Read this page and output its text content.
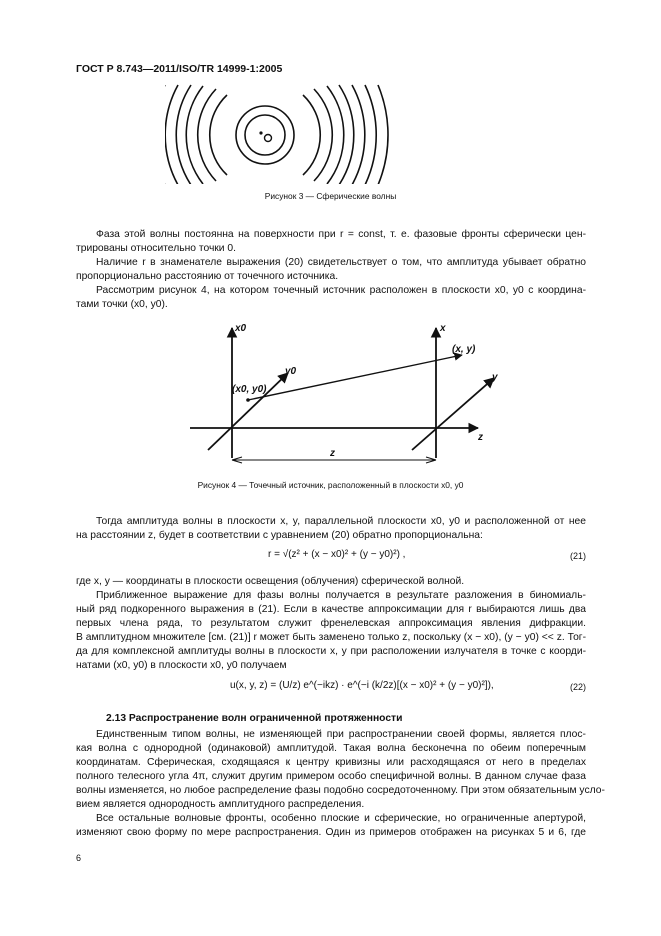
ГОСТ Р 8.743—2011/ISO/TR 14999-1:2005
Рисунок 3 — Сферические волны
Фаза этой волны постоянна на поверхности при r = const, т. е. фазовые фронты сферически цен-
трированы относительно точки 0.
Наличие r в знаменателе выражения (20) свидетельствует о том, что амплитуда убывает обратно
пропорционально расстоянию от точечного источника.
Рассмотрим рисунок 4, на котором точечный источник расположен в плоскости x0, y0 с координа-
тами точки (x0, y0).
x0	x
y0
y
z
z
(x0, y0)
(x, y)
Рисунок 4 — Точечный источник, расположенный в плоскости x0, y0
Тогда амплитуда волны в плоскости x, y, параллельной плоскости x0, y0 и расположенной от нее
на расстоянии z, будет в соответствии с уравнением (20) обратно пропорциональна:
r = √(z² + (x − x0)² + (y − y0)²) ,	(21)
где x, y — координаты в плоскости освещения (облучения) сферической волной.
Приближенное выражение для фазы волны получается в результате разложения в биномиаль-
ный ряд подкоренного выражения в (21). Если в качестве аппроксимации для r выбираются лишь два
первых члена ряда, то результатом служит френелевская аппроксимация явления дифракции.
В амплитудном множителе [см. (21)] r может быть заменено только z, поскольку (x − x0), (y − y0) << z. Тог-
да для комплексной амплитуды волны в плоскости x, y при расположении излучателя в точке с коорди-
натами (x0, y0) в плоскости x0, y0 получаем
u(x, y, z) = (U/z) e^(−ikz) · e^(−i (k/2z)[(x − x0)² + (y − y0)²]),	(22)
2.13 Распространение волн ограниченной протяженности
Единственным типом волны, не изменяющей при распространении своей формы, является плос-
кая волна с однородной (одинаковой) амплитудой. Такая волна бесконечна по обеим поперечным
координатам. Сферическая, сходящаяся к центру кривизны или расходящаяся от него в пределах
полного телесного угла 4π, служит другим примером особо специфичной волны. В данном случае фаза
волны изменяется, но любое распределение фазы подобно сосредоточенному. При этом обязательным усло-
вием является однородность амплитудного распределения.
Все остальные волновые фронты, особенно плоские и сферические, но ограниченные апертурой,
изменяют свою форму по мере распространения. Один из примеров отображен на рисунках 5 и 6, где
6
